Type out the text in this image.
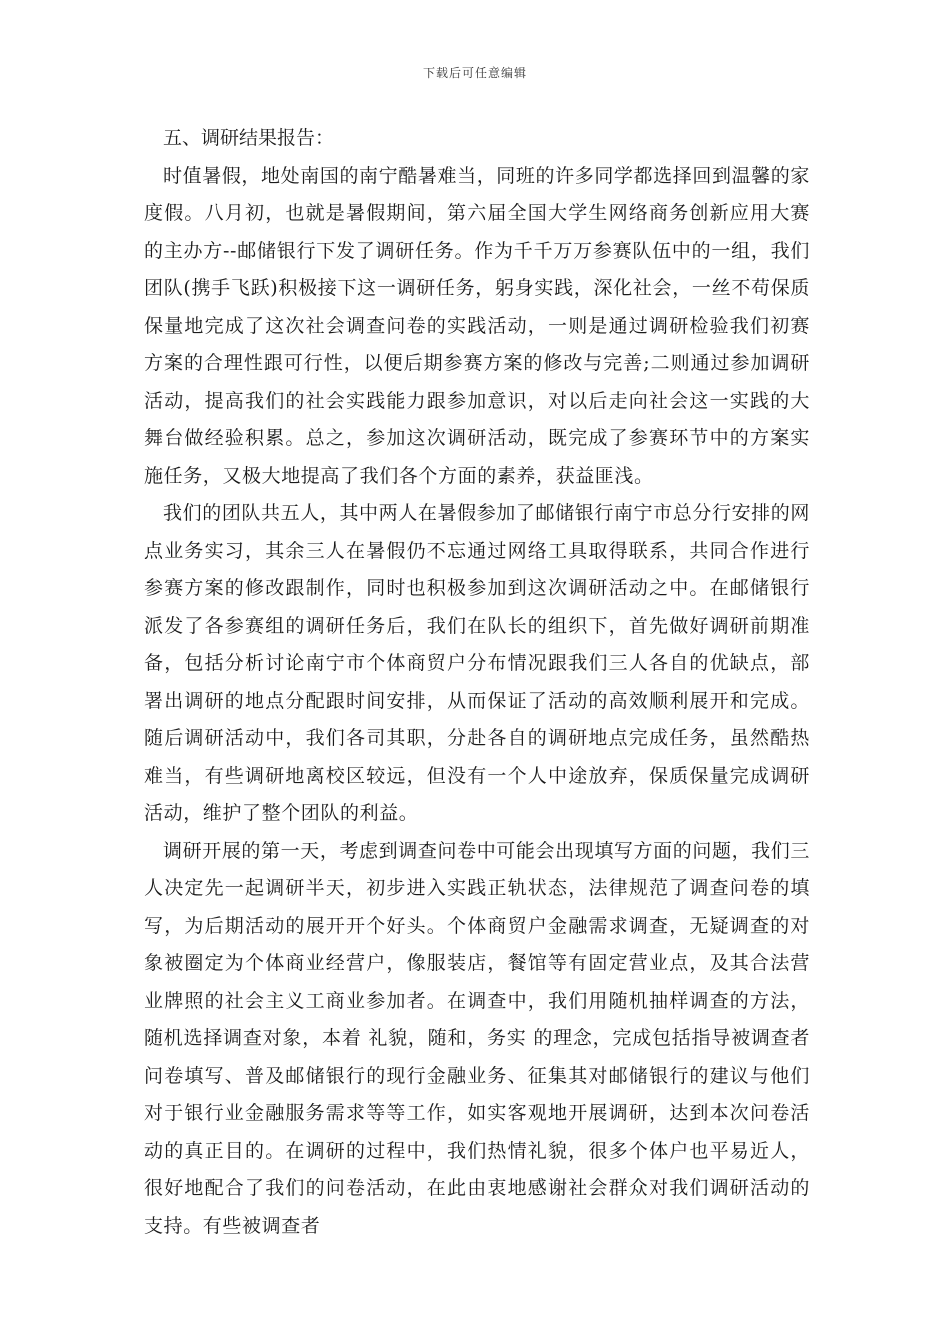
下载后可任意编辑
五、调研结果报告：

时值暑假，地处南国的南宁酷暑难当，同班的许多同学都选择回到温馨的家度假。八月初，也就是暑假期间，第六届全国大学生网络商务创新应用大赛的主办方--邮储银行下发了调研任务。作为千千万万参赛队伍中的一组，我们团队(携手飞跃)积极接下这一调研任务，躬身实践，深化社会，一丝不苟保质保量地完成了这次社会调查问卷的实践活动，一则是通过调研检验我们初赛方案的合理性跟可行性，以便后期参赛方案的修改与完善;二则通过参加调研活动，提高我们的社会实践能力跟参加意识，对以后走向社会这一实践的大舞台做经验积累。总之，参加这次调研活动，既完成了参赛环节中的方案实施任务，又极大地提高了我们各个方面的素养，获益匪浅。

我们的团队共五人，其中两人在暑假参加了邮储银行南宁市总分行安排的网点业务实习，其余三人在暑假仍不忘通过网络工具取得联系，共同合作进行参赛方案的修改跟制作，同时也积极参加到这次调研活动之中。在邮储银行派发了各参赛组的调研任务后，我们在队长的组织下，首先做好调研前期准备，包括分析讨论南宁市个体商贸户分布情况跟我们三人各自的优缺点，部署出调研的地点分配跟时间安排，从而保证了活动的高效顺利展开和完成。随后调研活动中，我们各司其职，分赴各自的调研地点完成任务，虽然酷热难当，有些调研地离校区较远，但没有一个人中途放弃，保质保量完成调研活动，维护了整个团队的利益。

调研开展的第一天，考虑到调查问卷中可能会出现填写方面的问题，我们三人决定先一起调研半天，初步进入实践正轨状态，法律规范了调查问卷的填写，为后期活动的展开开个好头。个体商贸户金融需求调查，无疑调查的对象被圈定为个体商业经营户，像服装店，餐馆等有固定营业点，及其合法营业牌照的社会主义工商业参加者。在调查中，我们用随机抽样调查的方法，随机选择调查对象，本着 礼貌，随和，务实 的理念，完成包括指导被调查者问卷填写、普及邮储银行的现行金融业务、征集其对邮储银行的建议与他们对于银行业金融服务需求等等工作，如实客观地开展调研，达到本次问卷活动的真正目的。在调研的过程中，我们热情礼貌，很多个体户也平易近人，很好地配合了我们的问卷活动，在此由衷地感谢社会群众对我们调研活动的支持。有些被调查者
